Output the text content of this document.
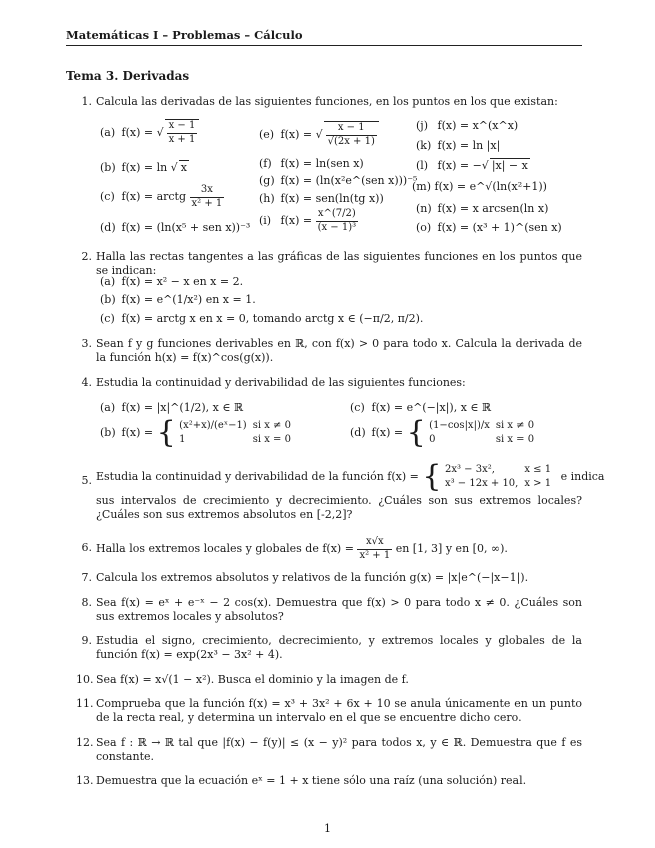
Matemáticas I – Problemas – Cálculo
Tema 3. Derivadas
1. Calcula las derivadas de las siguientes funciones, en los puntos en los que existan:
(a) f(x) = √ $\frac{x - 1}{x + 1}$
(b) f(x) = ln √ x
(c) f(x) = arctg $\frac{3x}{\text{x² + 1}}$
(d) f(x) = (ln(x⁵ + sen x))⁻³
(e) f(x) = √ $\frac{x - 1}{√(2x + 1)}$
(f) f(x) = ln(sen x)
(g) f(x) = (ln(x²e^(sen x)))⁻⁵
(h) f(x) = sen(ln(tg x))
(i) $f(x) = \frac{x\^{}(7/2)}{\text{(x − 1)³}}$
(j) f(x) = x^(x^x)
(k) f(x) = ln |x|
(l) f(x) = −√ |x| − x
(m) f(x) = e^√(ln(x²+1))
(n) f(x) = x arcsen(ln x)
(o) f(x) = (x³ + 1)^(sen x)
2. Halla las rectas tangentes a las gráficas de las siguientes funciones en los puntos que se indican:
(a) f(x) = x² − x en x = 2.
(b) f(x) = e^(1/x²) en x = 1.
(c) f(x) = arctg x en x = 0, tomando arctg x ∈ (−π/2, π/2).
3. Sean f y g funciones derivables en ℝ, con f(x) > 0 para todo x. Calcula la derivada de la función h(x) = f(x)^cos(g(x)).
4. Estudia la continuidad y derivabilidad de las siguientes funciones:
(a) f(x) = |x|^(1/2), x ∈ ℝ	(c) f(x) = e^(−|x|), x ∈ ℝ
(b) f(x) = { (x²+x)/(eˣ−1)	si x ≠ 0
1	si x = 0
(d) f(x) = { (1−cos|x|)/x	si x ≠ 0
0	si x = 0
5. Estudia la continuidad y derivabilidad de la función f(x) = { 2x³ − 3x²,	x ≤ 1
x³ − 12x + 10,	x > 1
e indica
sus intervalos de crecimiento y decrecimiento. ¿Cuáles son sus extremos locales? ¿Cuáles son sus extremos absolutos en [-2,2]?
6. Halla los extremos locales y globales de $f(x) = \frac{x√x}{\text{x² + 1}}$ en [1, 3] y en [0, ∞).
7. Calcula los extremos absolutos y relativos de la función g(x) = |x|e^(−|x−1|).
8. Sea f(x) = eˣ + e⁻ˣ − 2 cos(x). Demuestra que f(x) > 0 para todo x ≠ 0. ¿Cuáles son sus extremos locales y absolutos?
9. Estudia el signo, crecimiento, decrecimiento, y extremos locales y globales de la función f(x) = exp(2x³ − 3x² + 4).
10. Sea f(x) = x√(1 − x²). Busca el dominio y la imagen de f.
11. Comprueba que la función f(x) = x³ + 3x² + 6x + 10 se anula únicamente en un punto de la recta real, y determina un intervalo en el que se encuentre dicho cero.
12. Sea f : ℝ → ℝ tal que |f(x) − f(y)| ≤ (x − y)² para todos x, y ∈ ℝ. Demuestra que f es constante.
13. Demuestra que la ecuación eˣ = 1 + x tiene sólo una raíz (una solución) real.
1
